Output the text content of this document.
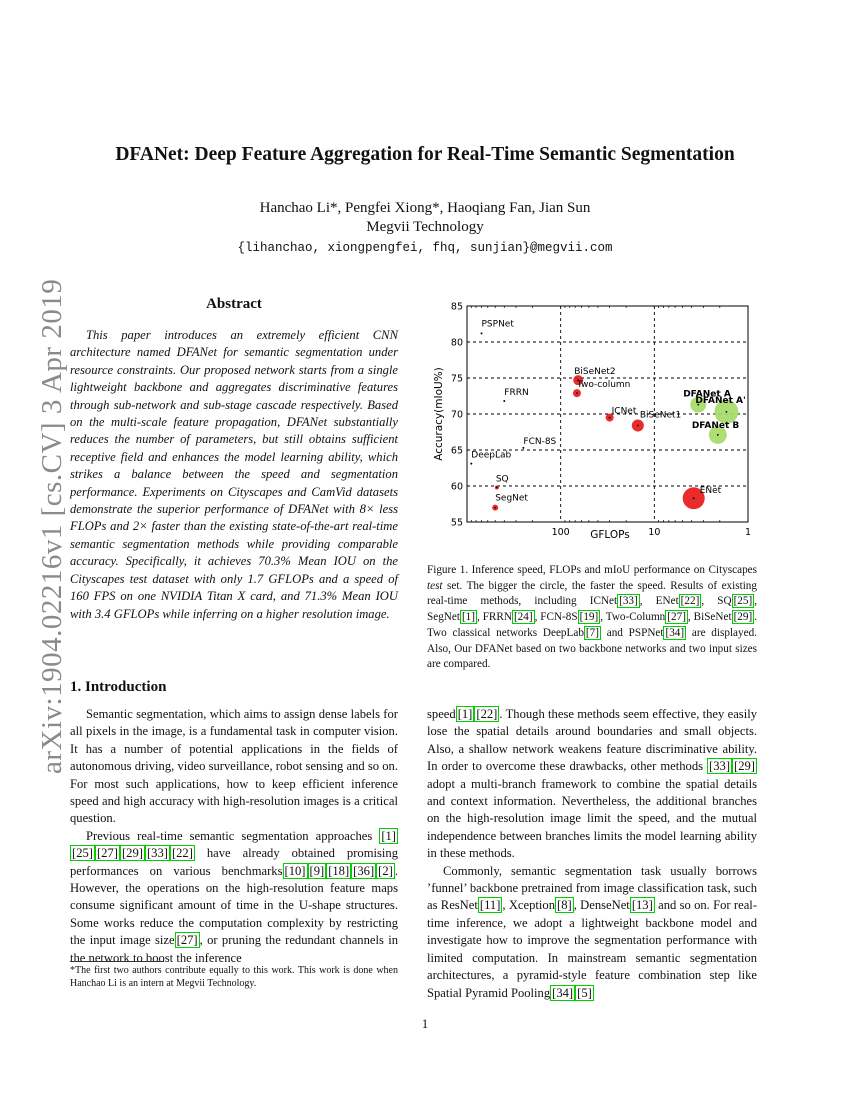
arXiv:1904.02216v1 [cs.CV] 3 Apr 2019
DFANet: Deep Feature Aggregation for Real-Time Semantic Segmentation
Hanchao Li*, Pengfei Xiong*, Haoqiang Fan, Jian Sun
Megvii Technology
{lihanchao, xiongpengfei, fhq, sunjian}@megvii.com
Abstract

This paper introduces an extremely efficient CNN architecture named DFANet for semantic segmentation under resource constraints. Our proposed network starts from a single lightweight backbone and aggregates discriminative features through sub-network and sub-stage cascade respectively. Based on the multi-scale feature propagation, DFANet substantially reduces the number of parameters, but still obtains sufficient receptive field and enhances the model learning ability, which strikes a balance between the speed and segmentation performance. Experiments on Cityscapes and CamVid datasets demonstrate the superior performance of DFANet with 8× less FLOPs and 2× faster than the existing state-of-the-art real-time semantic segmentation methods while providing comparable accuracy. Specifically, it achieves 70.3% Mean IOU on the Cityscapes test dataset with only 1.7 GFLOPs and a speed of 160 FPS on one NVIDIA Titan X card, and 71.3% Mean IOU with 3.4 GFLOPs while inferring on a higher resolution image.

1. Introduction

Semantic segmentation, which aims to assign dense labels for all pixels in the image, is a fundamental task in computer vision. It has a number of potential applications in the fields of autonomous driving, video surveillance, robot sensing and so on. For most such applications, how to keep efficient inference speed and high accuracy with high-resolution images is a critical question.

Previous real-time semantic segmentation approaches [1][25] [27] [29] [33] [22] have already obtained promising performances on various benchmarks [10] [9] [18] [36] [2] . However, the operations on the high-resolution feature maps consume significant amount of time in the U-shape structures. Some works reduce the computation complexity by restricting the input image size [27] , or pruning the redundant channels in the network to boost the inference

*The first two authors contribute equally to this work. This work is done when Hanchao Li is an intern at Megvii Technology.
55
60
65
70
75
80
85
100	10	1
GFLOPs
Accuracy(mIoU%)
PSPNet
FRRN
BiSeNet2
Two-column
ICNet BiSeNet1
FCN-8S
DeepLab
SQ
SegNet
ENet
DFANet A
DFANet A'
DFANet B
Figure 1. Inference speed, FLOPs and mIoU performance on Cityscapes test set. The bigger the circle, the faster the speed. Results of existing real-time methods, including ICNet [33] , ENet [22] , SQ [25] , SegNet [1] , FRRN [24] , FCN-8S [19] , Two-Column [27] , BiSeNet [29] . Two classical networks DeepLab [7] and PSPNet [34] are displayed. Also, Our DFANet based on two backbone networks and two input sizes are compared.

speed [1] [22] . Though these methods seem effective, they easily lose the spatial details around boundaries and small objects. Also, a shallow network weakens feature discriminative ability. In order to overcome these drawbacks, other methods [33] [29] adopt a multi-branch framework to combine the spatial details and context information. Nevertheless, the additional branches on the high-resolution image limit the speed, and the mutual independence between branches limits the model learning ability in these methods.

Commonly, semantic segmentation task usually borrows ’funnel’ backbone pretrained from image classification task, such as ResNet [11] , Xception [8] , DenseNet [13] and so on. For real-time inference, we adopt a lightweight backbone model and investigate how to improve the segmentation performance with limited computation. In mainstream semantic segmentation architectures, a pyramid-style feature combination step like Spatial Pyramid Pooling [34] [5]

1
